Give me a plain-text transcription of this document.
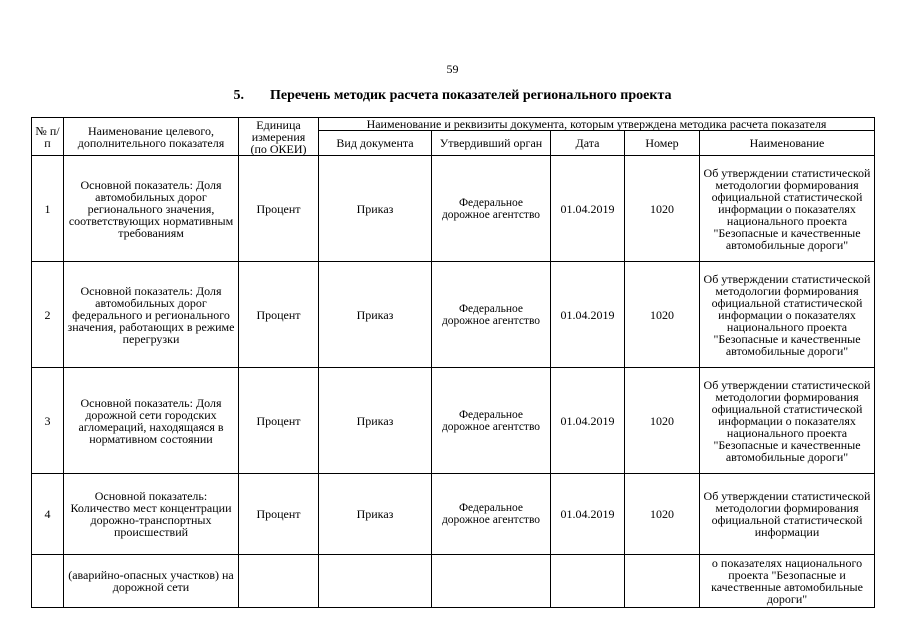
59
5. Перечень методик расчета показателей регионального проекта
№ п/п	Наименование целевого, дополнительного показателя	Единица измерения (по ОКЕИ)	Наименование и реквизиты документа, которым утверждена методика расчета показателя				
			Вид документа	Утвердивший орган	Дата	Номер	Наименование
1	Основной показатель: Доля автомобильных дорог регионального значения, соответствующих нормативным требованиям	Процент	Приказ	Федеральное дорожное агентство	01.04.2019	1020	Об утверждении статистической методологии формирования официальной статистической информации о показателях национального проекта "Безопасные и качественные автомобильные дороги"
2	Основной показатель: Доля автомобильных дорог федерального и регионального значения, работающих в режиме перегрузки	Процент	Приказ	Федеральное дорожное агентство	01.04.2019	1020	Об утверждении статистической методологии формирования официальной статистической информации о показателях национального проекта "Безопасные и качественные автомобильные дороги"
3	Основной показатель: Доля дорожной сети городских агломераций, находящаяся в нормативном состоянии	Процент	Приказ	Федеральное дорожное агентство	01.04.2019	1020	Об утверждении статистической методологии формирования официальной статистической информации о показателях национального проекта "Безопасные и качественные автомобильные дороги"
4	Основной показатель: Количество мест концентрации дорожно-транспортных происшествий	Процент	Приказ	Федеральное дорожное агентство	01.04.2019	1020	Об утверждении статистической методологии формирования официальной статистической информации
	(аварийно-опасных участков) на дорожной сети						о показателях национального проекта "Безопасные и качественные автомобильные дороги"
